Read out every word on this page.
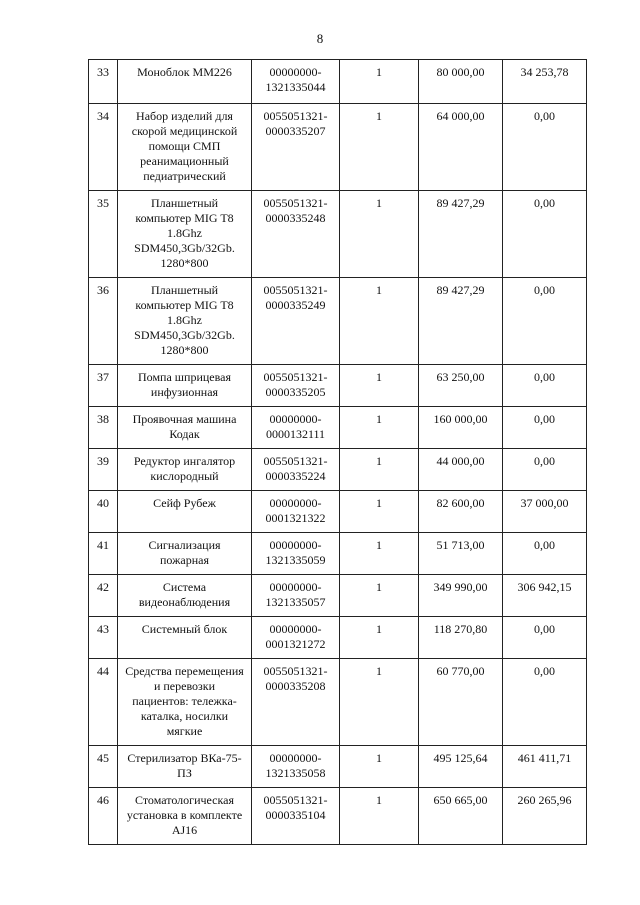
8
33	Моноблок ММ226	00000000-
1321335044	1	80 000,00	34 253,78
34	Набор изделий для
скорой медицинской
помощи СМП
реанимационный
педиатрический	0055051321-
0000335207	1	64 000,00	0,00
35	Планшетный
компьютер MIG T8
1.8Ghz
SDM450,3Gb/32Gb.
1280*800	0055051321-
0000335248	1	89 427,29	0,00
36	Планшетный
компьютер MIG T8
1.8Ghz
SDM450,3Gb/32Gb.
1280*800	0055051321-
0000335249	1	89 427,29	0,00
37	Помпа шприцевая
инфузионная	0055051321-
0000335205	1	63 250,00	0,00
38	Проявочная машина
Кодак	00000000-
0000132111	1	160 000,00	0,00
39	Редуктор ингалятор
кислородный	0055051321-
0000335224	1	44 000,00	0,00
40	Сейф Рубеж	00000000-
0001321322	1	82 600,00	37 000,00
41	Сигнализация
пожарная	00000000-
1321335059	1	51 713,00	0,00
42	Система
видеонаблюдения	00000000-
1321335057	1	349 990,00	306 942,15
43	Системный блок	00000000-
0001321272	1	118 270,80	0,00
44	Средства перемещения
и перевозки
пациентов: тележка-
каталка, носилки
мягкие	0055051321-
0000335208	1	60 770,00	0,00
45	Стерилизатор ВКа-75-
ПЗ	00000000-
1321335058	1	495 125,64	461 411,71
46	Стоматологическая
установка в комплекте
AJ16	0055051321-
0000335104	1	650 665,00	260 265,96
